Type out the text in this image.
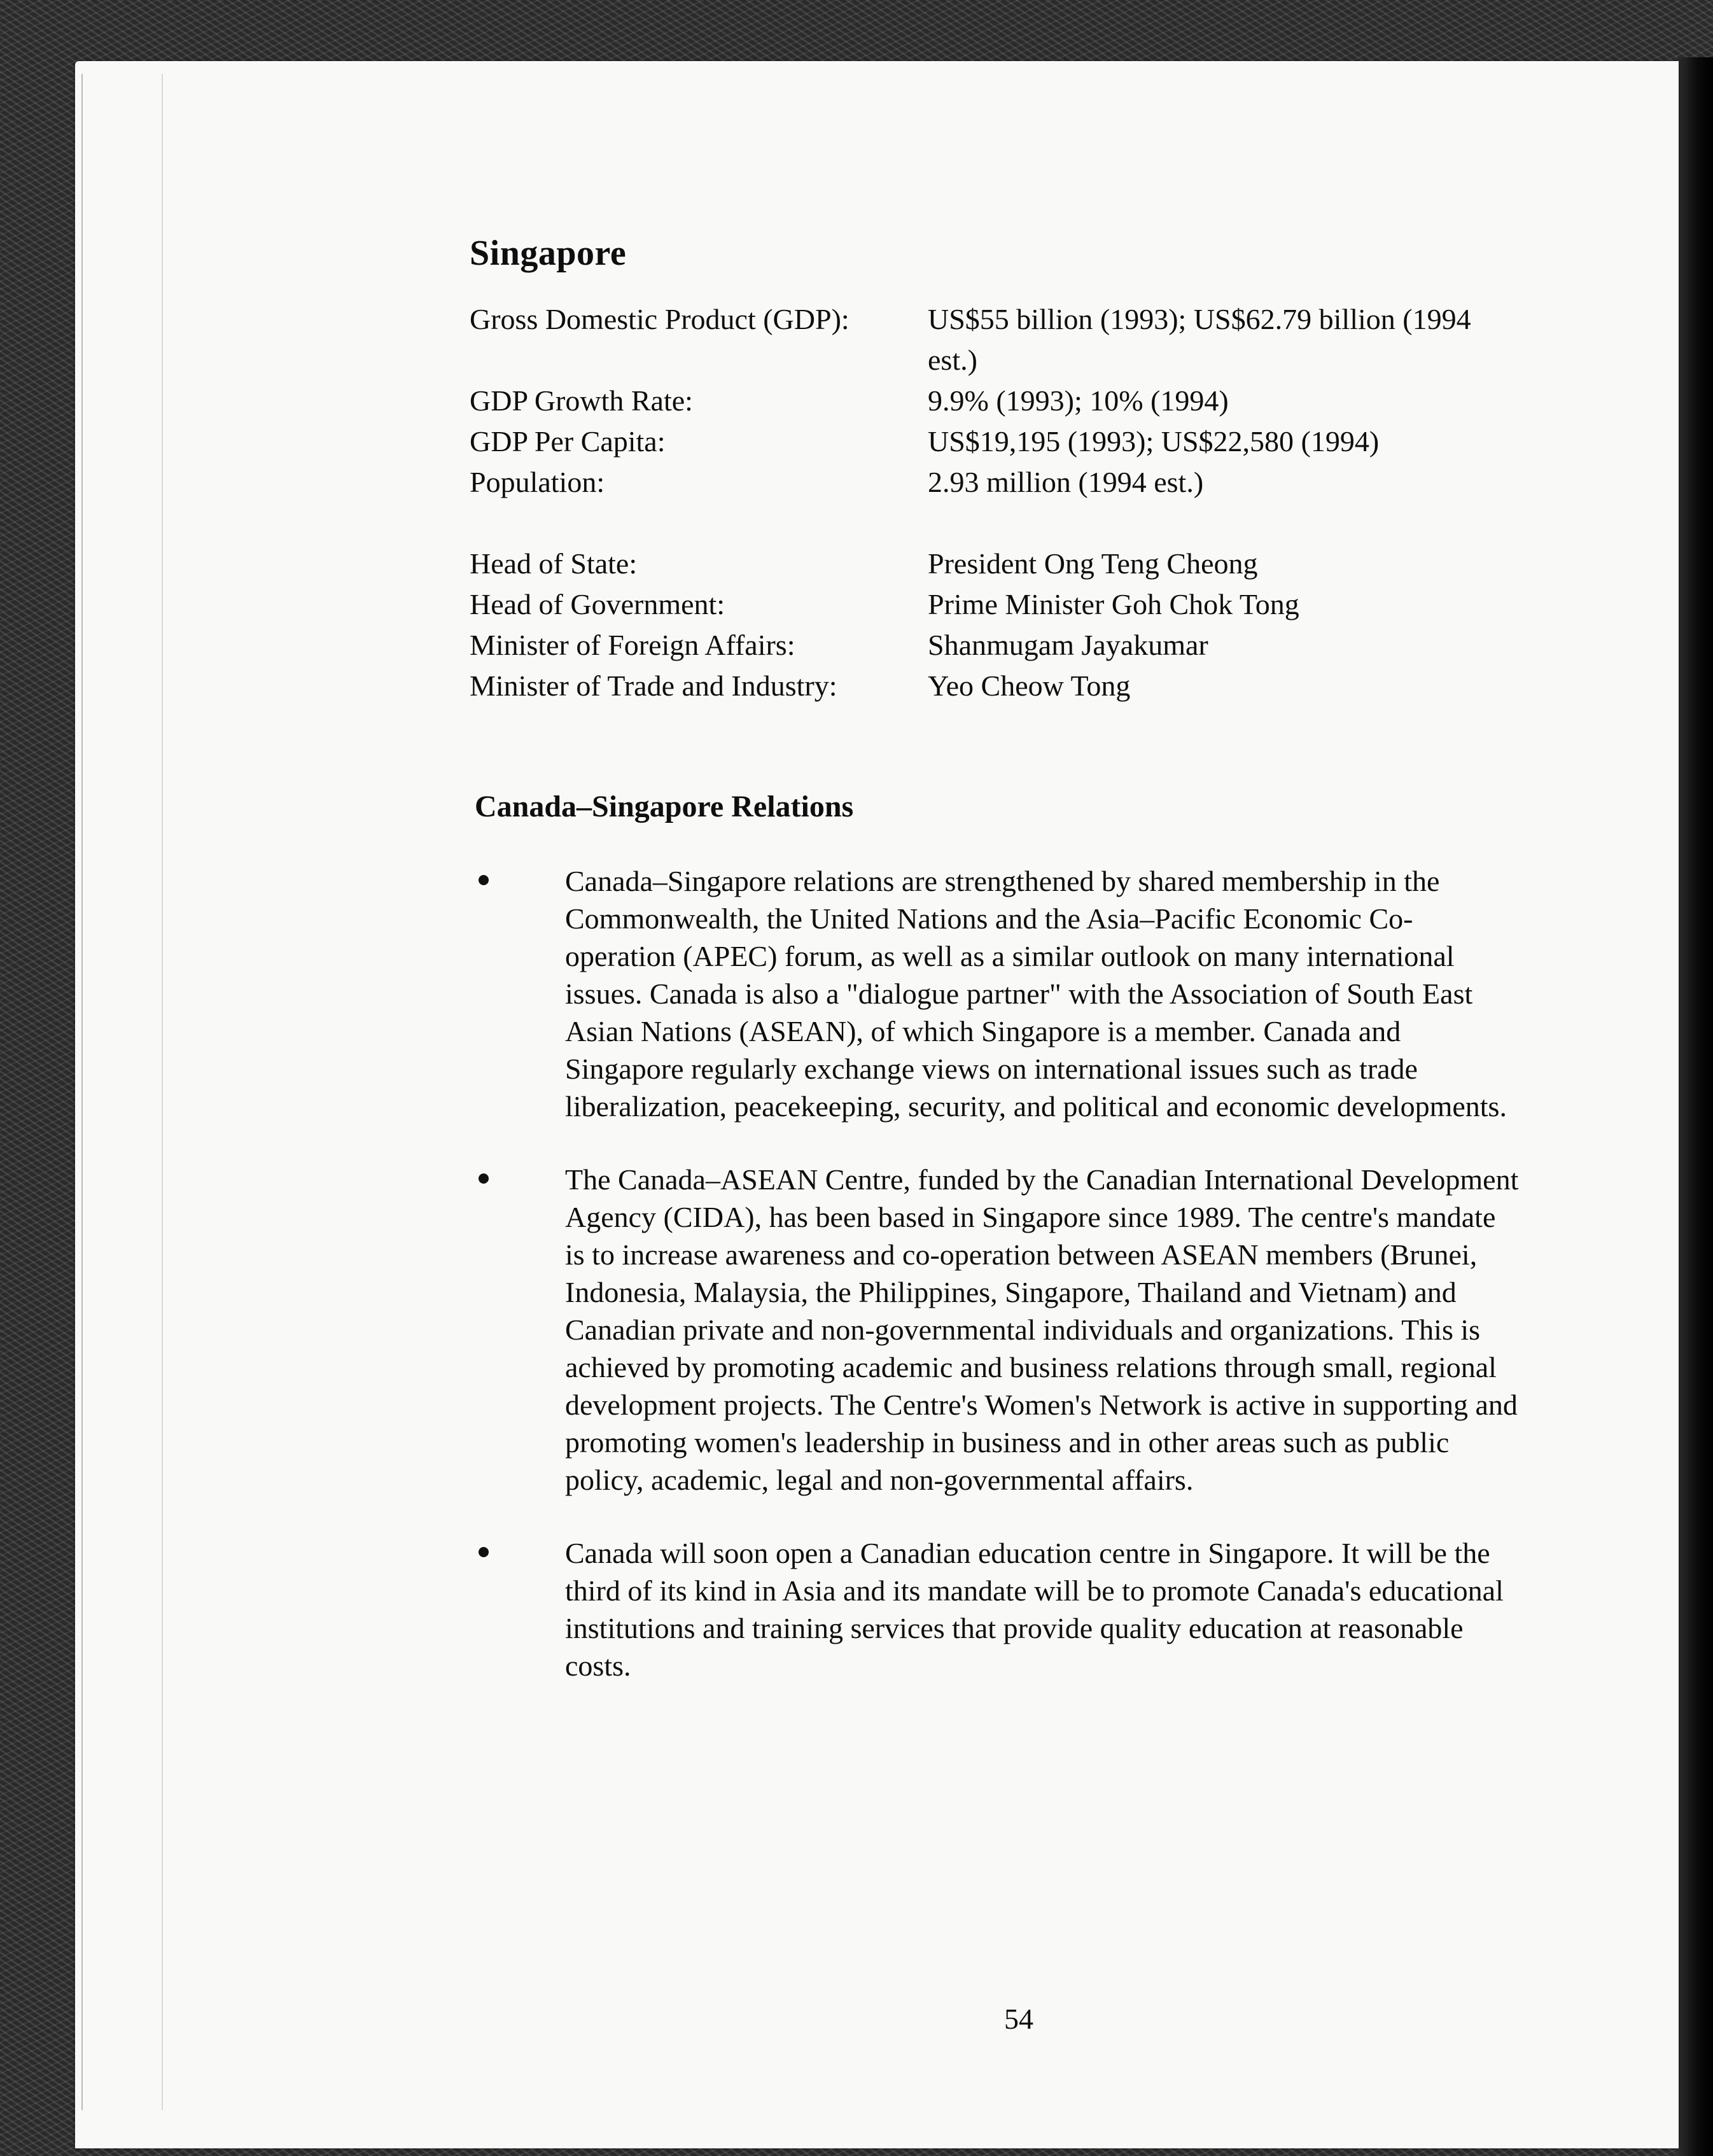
Singapore
Gross Domestic Product (GDP):	US$55 billion (1993); US$62.79 billion (1994 est.)
GDP Growth Rate:	9.9% (1993); 10% (1994)
GDP Per Capita:	US$19,195 (1993); US$22,580 (1994)
Population:	2.93 million (1994 est.)
Head of State:	President Ong Teng Cheong
Head of Government:	Prime Minister Goh Chok Tong
Minister of Foreign Affairs:	Shanmugam Jayakumar
Minister of Trade and Industry:	Yeo Cheow Tong
Canada–Singapore Relations
Canada–Singapore relations are strengthened by shared membership in the Commonwealth, the United Nations and the Asia–Pacific Economic Co-operation (APEC) forum, as well as a similar outlook on many international issues. Canada is also a "dialogue partner" with the Association of South East Asian Nations (ASEAN), of which Singapore is a member. Canada and Singapore regularly exchange views on international issues such as trade liberalization, peacekeeping, security, and political and economic developments.
The Canada–ASEAN Centre, funded by the Canadian International Development Agency (CIDA), has been based in Singapore since 1989. The centre's mandate is to increase awareness and co-operation between ASEAN members (Brunei, Indonesia, Malaysia, the Philippines, Singapore, Thailand and Vietnam) and Canadian private and non-governmental individuals and organizations. This is achieved by promoting academic and business relations through small, regional development projects. The Centre's Women's Network is active in supporting and promoting women's leadership in business and in other areas such as public policy, academic, legal and non-governmental affairs.
Canada will soon open a Canadian education centre in Singapore. It will be the third of its kind in Asia and its mandate will be to promote Canada's educational institutions and training services that provide quality education at reasonable costs.
54
